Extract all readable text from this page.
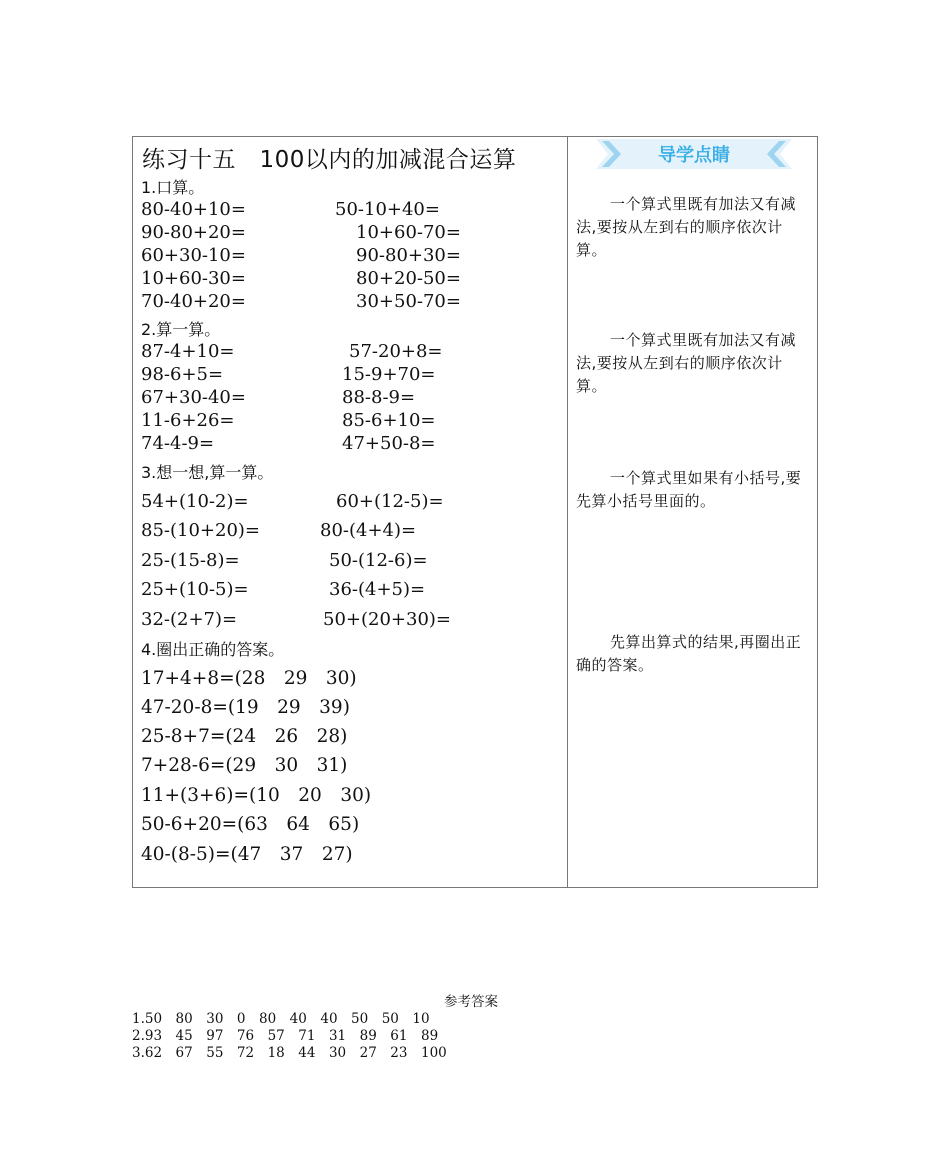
练习十五　100以内的加减混合运算
1.口算。
80-40+10=	50-10+40=
90-80+20=	10+60-70=
60+30-10=	90-80+30=
10+60-30=	80+20-50=
70-40+20=	30+50-70=
2.算一算。
87-4+10=	57-20+8=
98-6+5=	15-9+70=
67+30-40=	88-8-9=
11-6+26=	85-6+10=
74-4-9=	47+50-8=
3.想一想,算一算。
54+(10-2)=	60+(12-5)=
85-(10+20)=	80-(4+4)=
25-(15-8)=	50-(12-6)=
25+(10-5)=	36-(4+5)=
32-(2+7)=	50+(20+30)=
4.圈出正确的答案。
17+4+8=(28　29　30)
47-20-8=(19　29　39)
25-8+7=(24　26　28)
7+28-6=(29　30　31)
11+(3+6)=(10　20　30)
50-6+20=(63　64　65)
40-(8-5)=(47　37　27)
导学点睛
一个算式里既有加法又有减法,要按从左到右的顺序依次计算。
一个算式里既有加法又有减法,要按从左到右的顺序依次计算。
一个算式里如果有小括号,要先算小括号里面的。
先算出算式的结果,再圈出正确的答案。
参考答案
1.50　80　30　0　80　40　40　50　50　10
2.93　45　97　76　57　71　31　89　61　89
3.62　67　55　72　18　44　30　27　23　100
